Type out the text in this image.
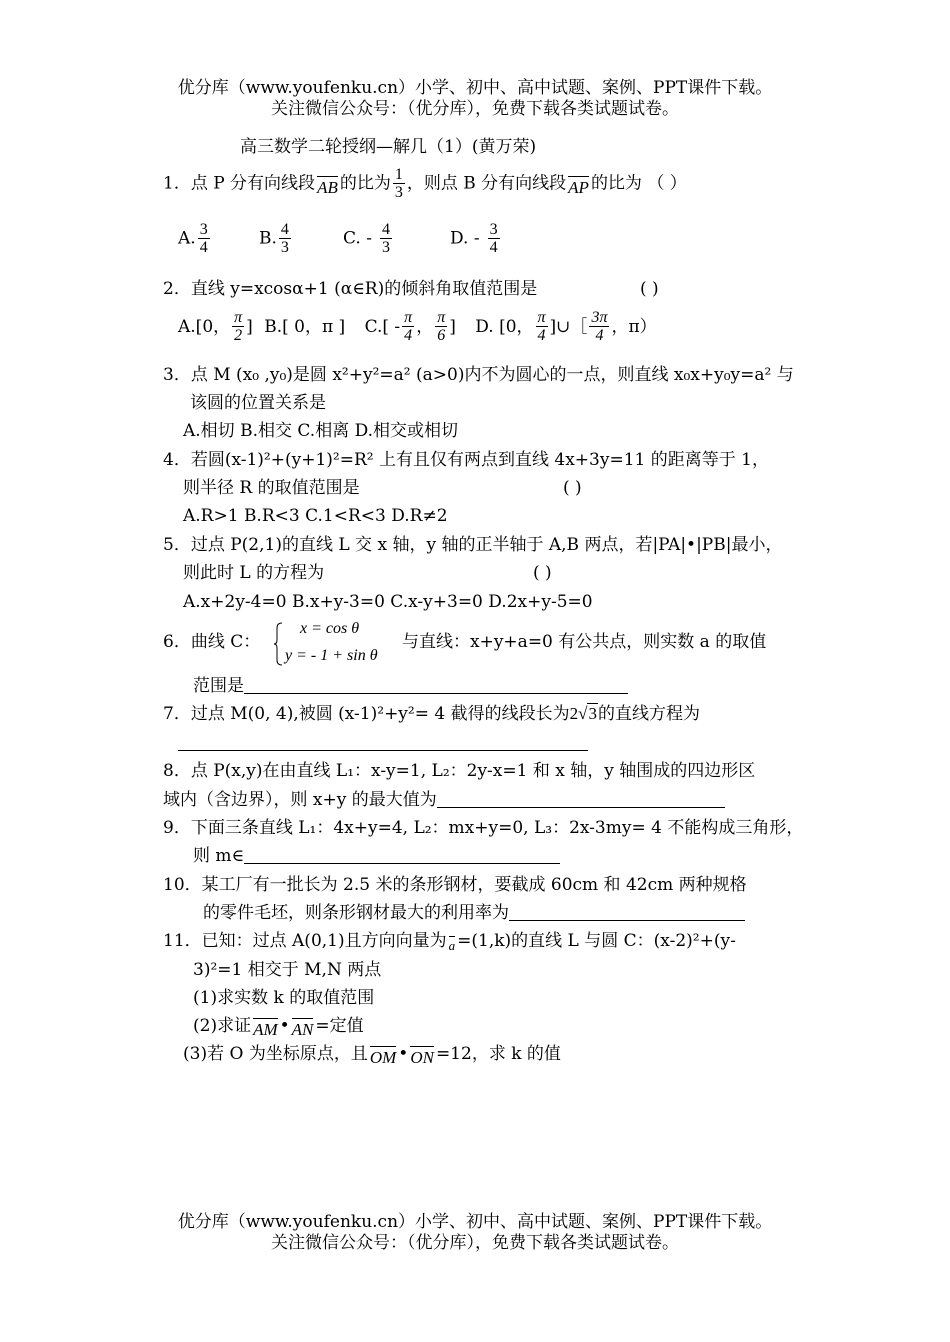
优分库（www.youfenku.cn）小学、初中、高中试题、案例、PPT课件下载。
关注微信公众号：（优分库），免费下载各类试题试卷。
高三数学二轮授纲—解几（1）(黄万荣)
1．点 P 分有向线段 AB 的比为 $\frac{1}{3}$ ，则点 B 分有向线段 AP 的比为 （ ）
A. $\frac{3}{4}$	B. $\frac{4}{3}$	C. - $\frac{4}{3}$	D. - $\frac{3}{4}$
2．直线 y=xcosα+1 (α∈R)的倾斜角取值范围是	( )
A.[0， $\frac{\pi}{2}$ ] B.[ 0，π ] $C.[ - \frac{\pi}{4}$ ， $\frac{\pi}{6}$ ] D. [0， $\frac{\pi}{4}$ ]∪［ $\frac{3\pi}{4}$ ，π）
3．点 M (x₀ ,y₀)是圆 x²+y²=a² (a>0)内不为圆心的一点，则直线 x₀x+y₀y=a² 与
该圆的位置关系是
A.相切 B.相交 C.相离 D.相交或相切
4．若圆(x-1)²+(y+1)²=R² 上有且仅有两点到直线 4x+3y=11 的距离等于 1，
则半径 R 的取值范围是	( )
A.R>1 B.R<3 C.1<R<3 D.R≠2
5．过点 P(2,1)的直线 L 交 x 轴，y 轴的正半轴于 A,B 两点，若|PA|•|PB|最小，
则此时 L 的方程为	( )
A.x+2y-4=0 B.x+y-3=0 C.x-y+3=0 D.2x+y-5=0
6．曲线 C：
x = cos θ
y = - 1 + sin θ
与直线：x+y+a=0 有公共点，则实数 a 的取值
范围是
7．过点 M(0, 4),被圆 (x-1)²+y²= 4 截得的线段长为2√3的直线方程为
8．点 P(x,y)在由直线 L₁：x-y=1, L₂：2y-x=1 和 x 轴，y 轴围成的四边形区
域内（含边界），则 x+y 的最大值为
9．下面三条直线 L₁：4x+y=4, L₂：mx+y=0, L₃：2x-3my= 4 不能构成三角形，
则 m∈
10．某工厂有一批长为 2.5 米的条形钢材，要截成 60cm 和 42cm 两种规格
的零件毛坯，则条形钢材最大的利用率为
11．已知：过点 A(0,1)且方向向量为 a =(1,k)的直线 L 与圆 C：(x-2)²+(y-
3)²=1 相交于 M,N 两点
(1)求实数 k 的取值范围
(2)求证 AM • AN =定值
(3)若 O 为坐标原点，且 OM • ON =12，求 k 的值
优分库（www.youfenku.cn）小学、初中、高中试题、案例、PPT课件下载。
关注微信公众号：（优分库），免费下载各类试题试卷。
